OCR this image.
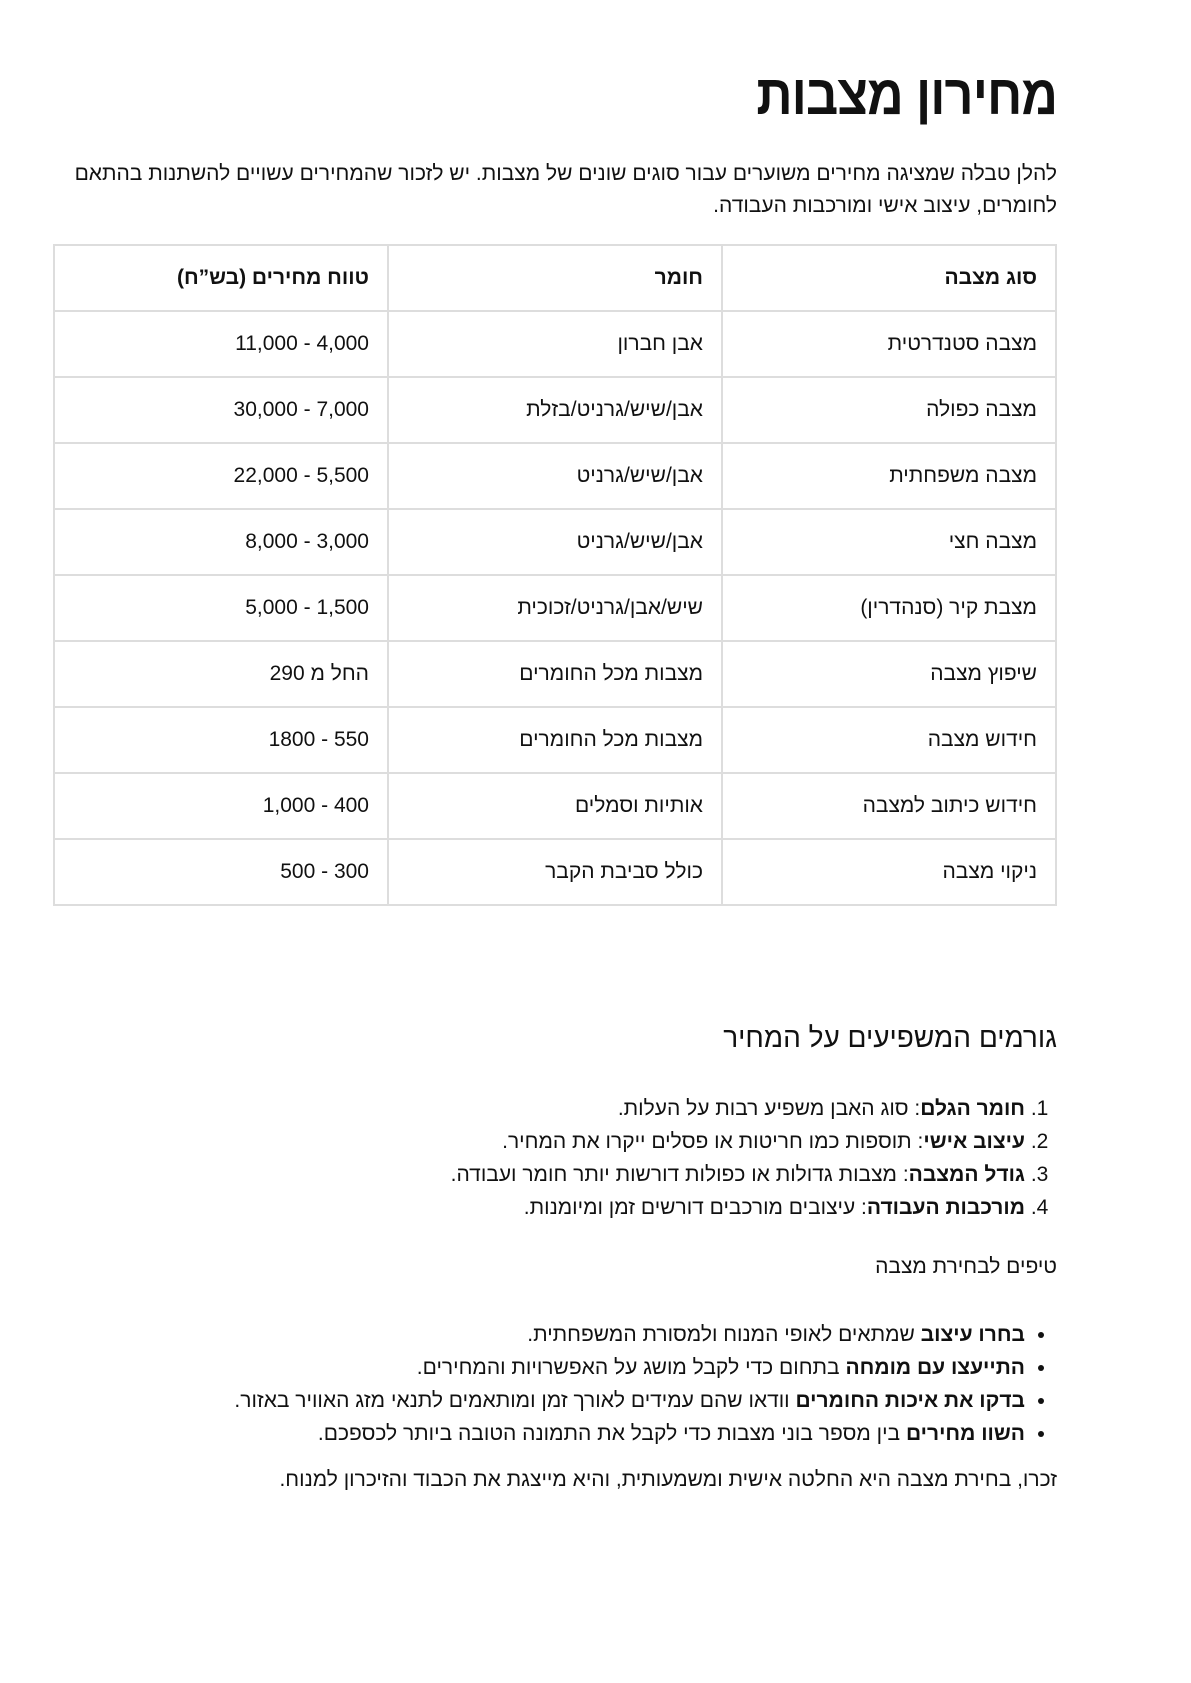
מחירון מצבות

להלן טבלה שמציגה מחירים משוערים עבור סוגים שונים של מצבות. יש לזכור שהמחירים עשויים להשתנות בהתאם לחומרים, עיצוב אישי ומורכבות העבודה.

סוג מצבה	חומר	טווח מחירים (בש”ח)
מצבה סטנדרטית	אבן חברון	4,000 - 11,000
מצבה כפולה	אבן/שיש/גרניט/בזלת	7,000 - 30,000
מצבה משפחתית	אבן/שיש/גרניט	5,500 - 22,000
מצבה חצי	אבן/שיש/גרניט	3,000 - 8,000
מצבת קיר (סנהדרין)	שיש/אבן/גרניט/זכוכית	1,500 - 5,000
שיפוץ מצבה	מצבות מכל החומרים	החל מ 290
חידוש מצבה	מצבות מכל החומרים	550 - 1800
חידוש כיתוב למצבה	אותיות וסמלים	400 - 1,000
ניקוי מצבה	כולל סביבת הקבר	300 - 500
גורמים המשפיעים על המחיר
1. חומר הגלם: סוג האבן משפיע רבות על העלות.
2. עיצוב אישי: תוספות כמו חריטות או פסלים ייקרו את המחיר.
3. גודל המצבה: מצבות גדולות או כפולות דורשות יותר חומר ועבודה.
4. מורכבות העבודה: עיצובים מורכבים דורשים זמן ומיומנות.

טיפים לבחירת מצבה

• בחרו עיצוב שמתאים לאופי המנוח ולמסורת המשפחתית.
• התייעצו עם מומחה בתחום כדי לקבל מושג על האפשרויות והמחירים.
• בדקו את איכות החומרים וודאו שהם עמידים לאורך זמן ומותאמים לתנאי מזג האוויר באזור.
• השוו מחירים בין מספר בוני מצבות כדי לקבל את התמונה הטובה ביותר לכספכם.

זכרו, בחירת מצבה היא החלטה אישית ומשמעותית, והיא מייצגת את הכבוד והזיכרון למנוח.
